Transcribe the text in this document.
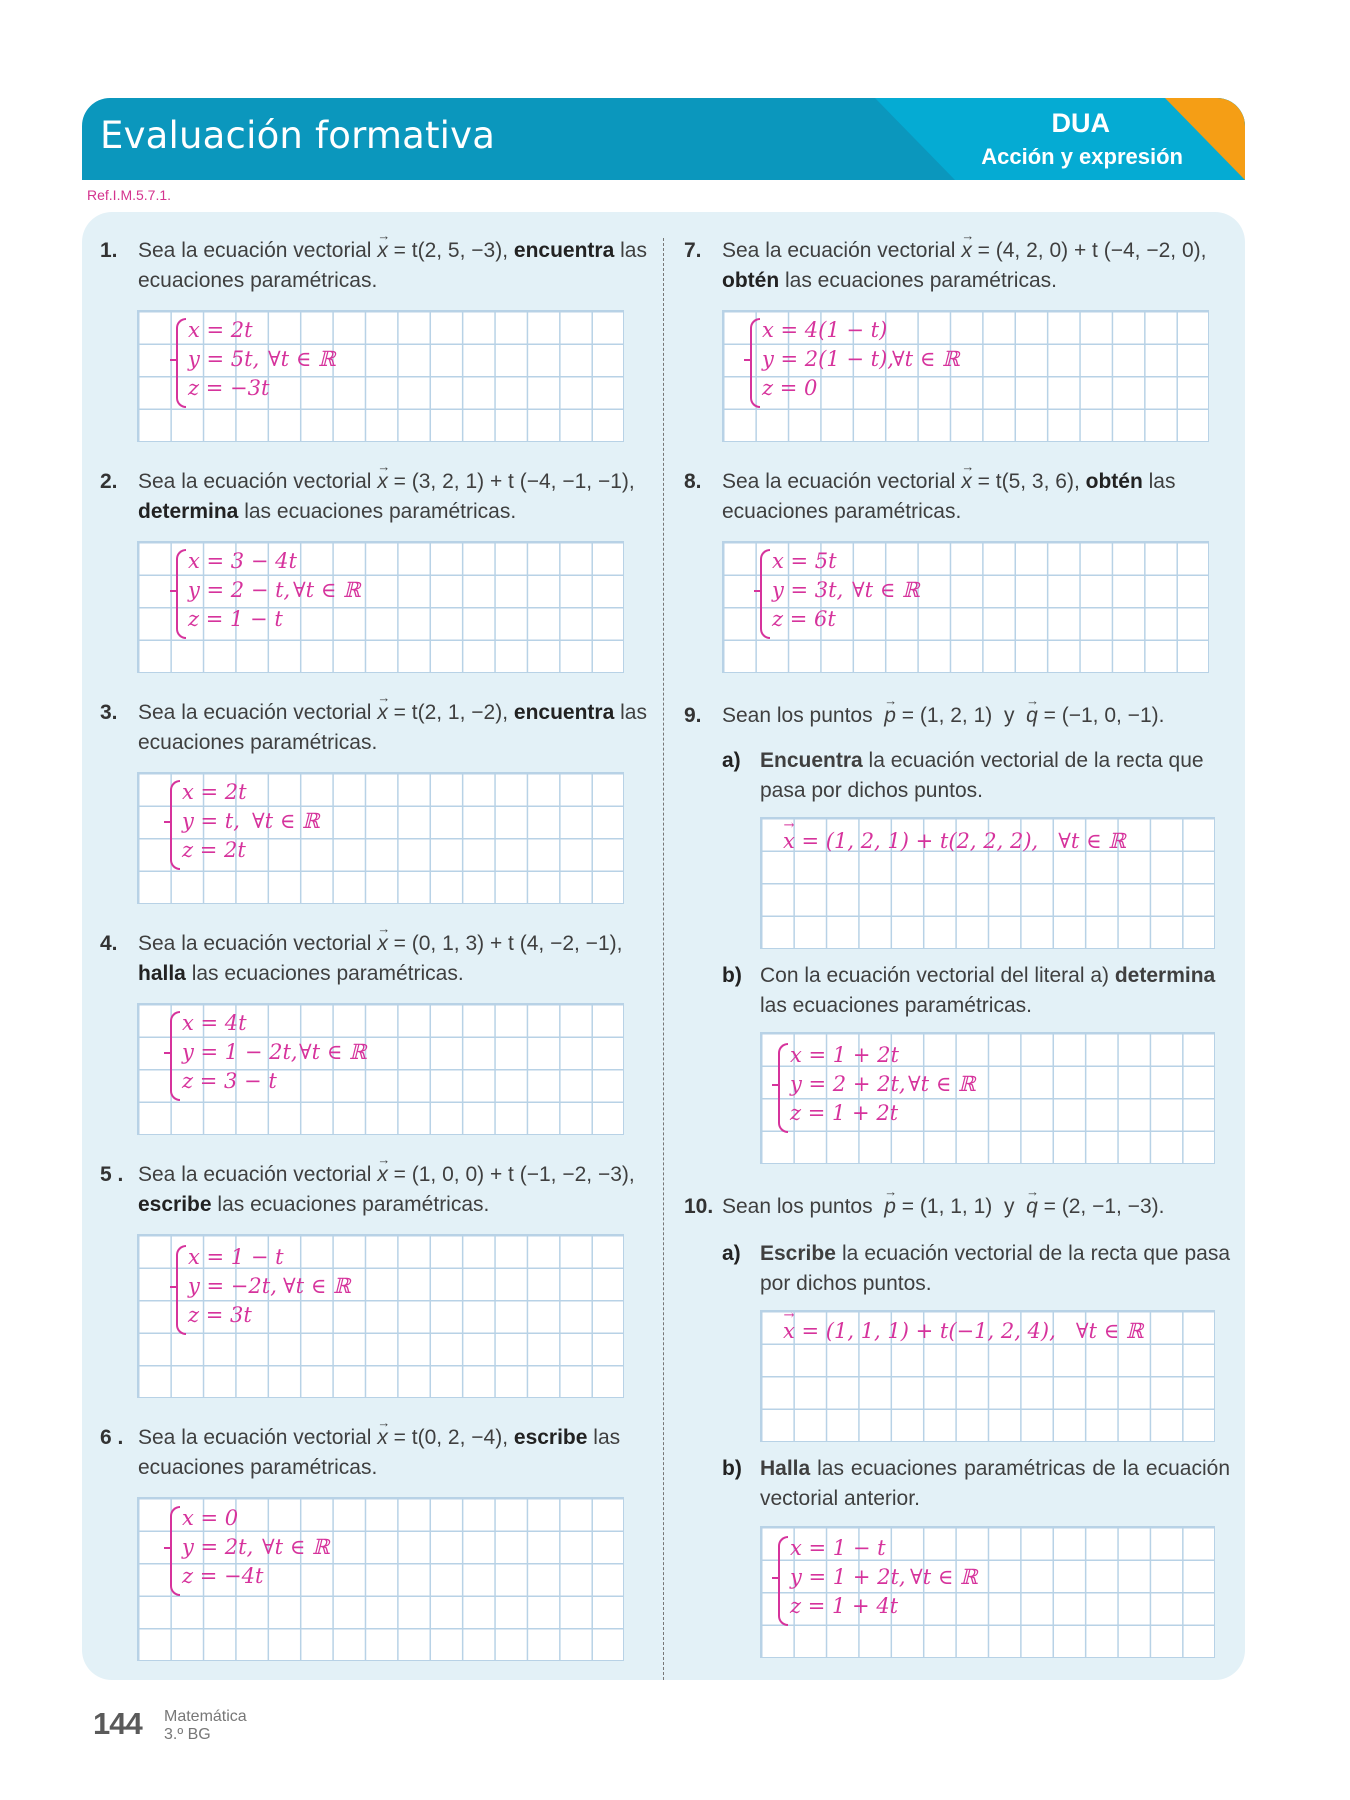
Evaluación formativa	DUA
Acción y expresión
Ref.I.M.5.7.1.
1. Sea la ecuación vectorial → x = t(2, 5, −3), encuentra las ecuaciones paramétricas.
x = 2t
y = 5t,
z = −3t
∀t ∈ ℝ
2. Sea la ecuación vectorial → x = (3, 2, 1) + t (−4, −1, −1),
determina las ecuaciones paramétricas.
x = 3 − 4t
y = 2 − t,
z = 1 − t
∀t ∈ ℝ
3. Sea la ecuación vectorial → x = t(2, 1, −2), encuentra las ecuaciones paramétricas.
x = 2t
y = t,
z = 2t
∀t ∈ ℝ
4. Sea la ecuación vectorial → x = (0, 1, 3) + t (4, −2, −1),
halla las ecuaciones paramétricas.
x = 4t
y = 1 − 2t,
z = 3 − t
∀t ∈ ℝ
5 . Sea la ecuación vectorial → x = (1, 0, 0) + t (−1, −2, −3),
escribe las ecuaciones paramétricas.
x = 1 − t
y = −2t,
z = 3t
∀t ∈ ℝ
6 . Sea la ecuación vectorial → x = t(0, 2, −4), escribe las ecuaciones paramétricas.
x = 0
y = 2t,
z = −4t
∀t ∈ ℝ
7. Sea la ecuación vectorial → x = (4, 2, 0) + t (−4, −2, 0),
obtén las ecuaciones paramétricas.
x = 4(1 − t)
y = 2(1 − t),
z = 0
∀t ∈ ℝ
8. Sea la ecuación vectorial → x = t(5, 3, 6), obtén las ecuaciones paramétricas.
x = 5t
y = 3t,
z = 6t
∀t ∈ ℝ
9. Sean los puntos → p = (1, 2, 1) y → q = (−1, 0, −1).
a) Encuentra la ecuación vectorial de la recta que pasa por dichos puntos.
→ x = (1, 2, 1) + t(2, 2, 2), ∀t ∈ ℝ
b) Con la ecuación vectorial del literal a) determina las ecuaciones paramétricas.
x = 1 + 2t
y = 2 + 2t,
z = 1 + 2t
∀t ∈ ℝ
10. Sean los puntos → p = (1, 1, 1) y → q = (2, −1, −3).
a) Escribe la ecuación vectorial de la recta que pasa por dichos puntos.
→ x = (1, 1, 1) + t(−1, 2, 4), ∀t ∈ ℝ
b) Halla las ecuaciones paramétricas de la ecuación vectorial anterior.
x = 1 − t
y = 1 + 2t,
z = 1 + 4t
∀t ∈ ℝ
144 Matemática
3.º BG
